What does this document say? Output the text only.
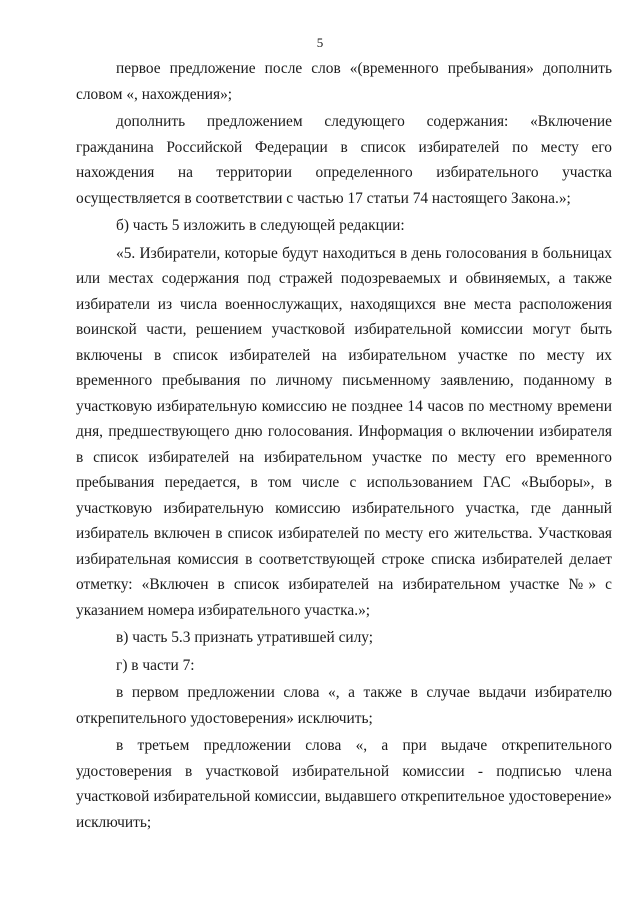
5

первое предложение после слов «(временного пребывания» дополнить словом «, нахождения»;

дополнить предложением следующего содержания: «Включение гражданина Российской Федерации в список избирателей по месту его нахождения на территории определенного избирательного участка осуществляется в соответствии с частью 17 статьи 74 настоящего Закона.»;

б) часть 5 изложить в следующей редакции:

«5. Избиратели, которые будут находиться в день голосования в больницах или местах содержания под стражей подозреваемых и обвиняемых, а также избиратели из числа военнослужащих, находящихся вне места расположения воинской части, решением участковой избирательной комиссии могут быть включены в список избирателей на избирательном участке по месту их временного пребывания по личному письменному заявлению, поданному в участковую избирательную комиссию не позднее 14 часов по местному времени дня, предшествующего дню голосования. Информация о включении избирателя в список избирателей на избирательном участке по месту его временного пребывания передается, в том числе с использованием ГАС «Выборы», в участковую избирательную комиссию избирательного участка, где данный избиратель включен в список избирателей по месту его жительства. Участковая избирательная комиссия в соответствующей строке списка избирателей делает отметку: «Включен в список избирателей на избирательном участке №» с указанием номера избирательного участка.»;

в) часть 5.3 признать утратившей силу;

г) в части 7:

в первом предложении слова «, а также в случае выдачи избирателю открепительного удостоверения» исключить;

в третьем предложении слова «, а при выдаче открепительного удостоверения в участковой избирательной комиссии - подписью члена участковой избирательной комиссии, выдавшего открепительное удостоверение» исключить;
